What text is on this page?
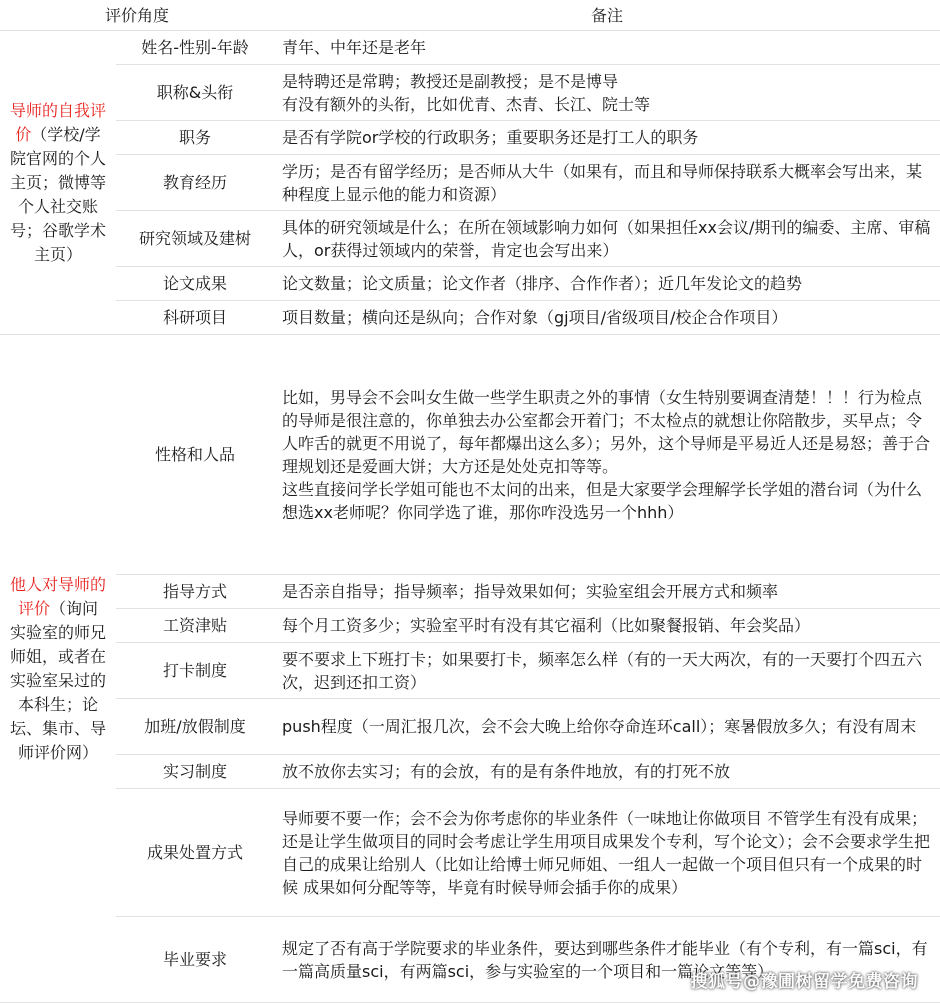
评价角度		备注
导师的自我评价（学校/学院官网的个人主页；微博等个人社交账号；谷歌学术主页）	姓名-性别-年龄	青年、中年还是老年

	职称&头衔	是特聘还是常聘；教授还是副教授；是不是博导
有没有额外的头衔，比如优青、杰青、长江、院士等

	职务	是否有学院or学校的行政职务；重要职务还是打工人的职务

	教育经历	学历；是否有留学经历；是否师从大牛（如果有，而且和导师保持联系大概率会写出来，某种程度上显示他的能力和资源）

	研究领域及建树	具体的研究领域是什么；在所在领域影响力如何（如果担任xx会议/期刊的编委、主席、审稿人，or获得过领域内的荣誉，肯定也会写出来）

	论文成果	论文数量；论文质量；论文作者（排序、合作作者）；近几年发论文的趋势

	科研项目	项目数量；横向还是纵向；合作对象（gj项目/省级项目/校企合作项目）

他人对导师的评价（询问实验室的师兄师姐，或者在实验室呆过的本科生；论坛、集市、导师评价网）	性格和人品	比如，男导会不会叫女生做一些学生职责之外的事情（女生特别要调查清楚！！！行为检点的导师是很注意的，你单独去办公室都会开着门；不太检点的就想让你陪散步，买早点；令人咋舌的就更不用说了，每年都爆出这么多）；另外，这个导师是平易近人还是易怒；善于合理规划还是爱画大饼；大方还是处处克扣等等。
这些直接问学长学姐可能也不太问的出来，但是大家要学会理解学长学姐的潜台词（为什么想选xx老师呢？你同学选了谁，那你咋没选另一个hhh）

	指导方式	是否亲自指导；指导频率；指导效果如何；实验室组会开展方式和频率

	工资津贴	每个月工资多少；实验室平时有没有其它福利（比如聚餐报销、年会奖品）

	打卡制度	要不要求上下班打卡；如果要打卡，频率怎么样（有的一天大两次，有的一天要打个四五六次，迟到还扣工资）

	加班/放假制度	push程度（一周汇报几次，会不会大晚上给你夺命连环call）；寒暑假放多久；有没有周末

	实习制度	放不放你去实习；有的会放，有的是有条件地放，有的打死不放

	成果处置方式	导师要不要一作；会不会为你考虑你的毕业条件（一味地让你做项目 不管学生有没有成果；还是让学生做项目的同时会考虑让学生用项目成果发个专利，写个论文）；会不会要求学生把自己的成果让给别人（比如让给博士师兄师姐、一组人一起做一个项目但只有一个成果的时候 成果如何分配等等，毕竟有时候导师会插手你的成果）

	毕业要求	规定了否有高于学院要求的毕业条件，要达到哪些条件才能毕业（有个专利，有一篇sci，有一篇高质量sci，有两篇sci，参与实验室的一个项目和一篇论文等等）
搜狐号@豫圃树留学免费咨询
